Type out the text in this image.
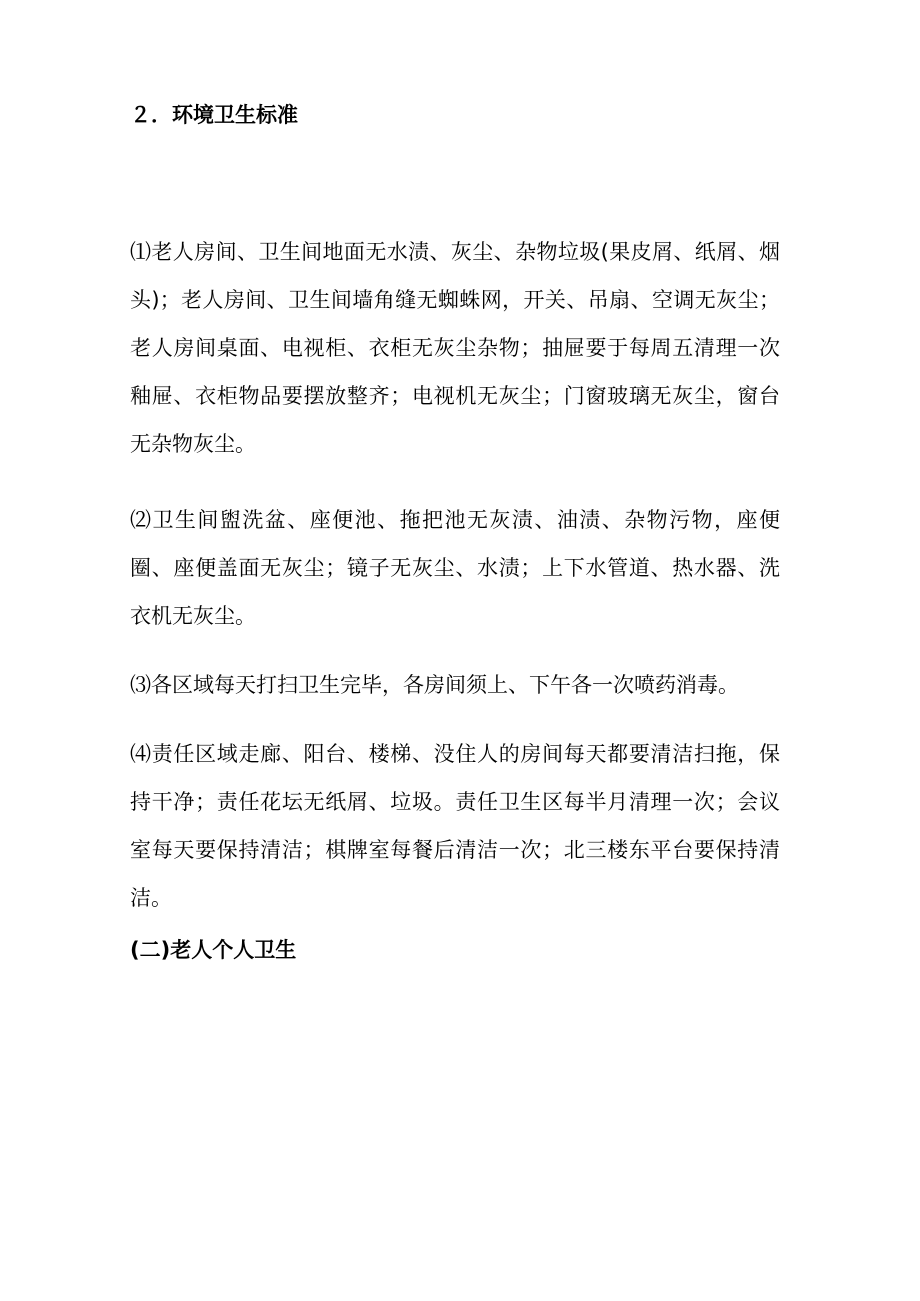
２．环境卫生标准

⑴老人房间、卫生间地面无水渍、灰尘、杂物垃圾(果皮屑、纸屑、烟头)；老人房间、卫生间墙角缝无蜘蛛网，开关、吊扇、空调无灰尘；老人房间桌面、电视柜、衣柜无灰尘杂物；抽屉要于每周五清理一次釉屉、衣柜物品要摆放整齐；电视机无灰尘；门窗玻璃无灰尘，窗台无杂物灰尘。

⑵卫生间盥洗盆、座便池、拖把池无灰渍、油渍、杂物污物，座便圈、座便盖面无灰尘；镜子无灰尘、水渍；上下水管道、热水器、洗衣机无灰尘。

⑶各区域每天打扫卫生完毕，各房间须上、下午各一次喷药消毒。

⑷责任区域走廊、阳台、楼梯、没住人的房间每天都要清洁扫拖，保持干净；责任花坛无纸屑、垃圾。责任卫生区每半月清理一次；会议室每天要保持清洁；棋牌室每餐后清洁一次；北三楼东平台要保持清洁。

(二)老人个人卫生
